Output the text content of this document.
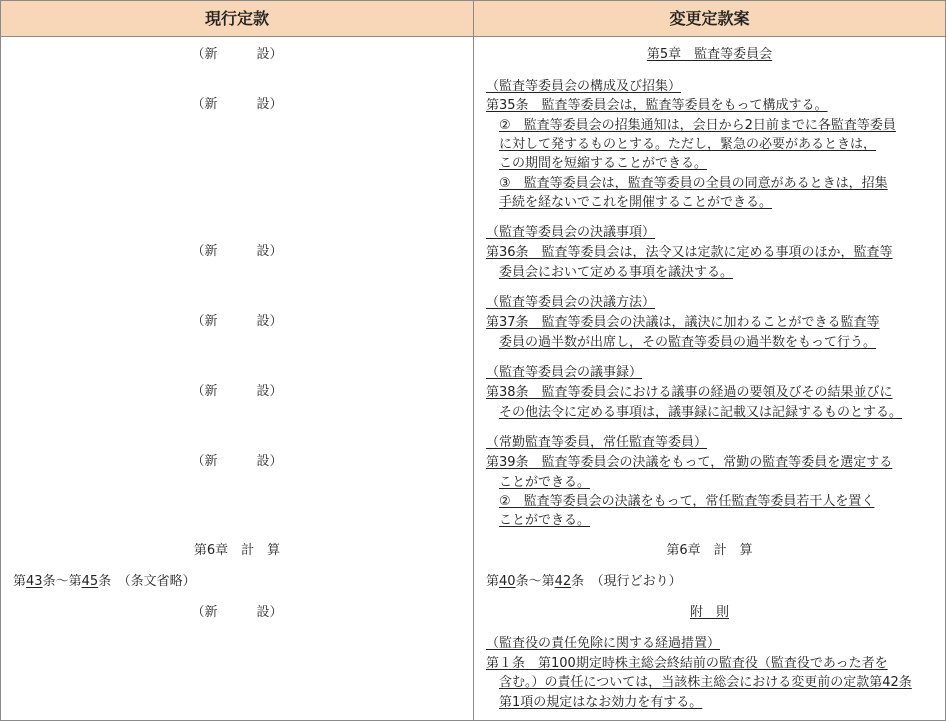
現行定款	変更定款案
（新　　　設）
（新　　　設）
（新　　　設）
（新　　　設）
（新　　　設）
（新　　　設）
第6章　計　算
第43条～第45条　（条文省略）
（新　　　設）
第5章　監査等委員会
（監査等委員会の構成及び招集）
第35条　監査等委員会は，監査等委員をもって構成する。
②　監査等委員会の招集通知は，会日から2日前までに各監査等委員
に対して発するものとする。ただし，緊急の必要があるときは，
この期間を短縮することができる。
③　監査等委員会は，監査等委員の全員の同意があるときは，招集
手続を経ないでこれを開催することができる。
（監査等委員会の決議事項）
第36条　監査等委員会は，法令又は定款に定める事項のほか，監査等
委員会において定める事項を議決する。
（監査等委員会の決議方法）
第37条　監査等委員会の決議は，議決に加わることができる監査等
委員の過半数が出席し，その監査等委員の過半数をもって行う。
（監査等委員会の議事録）
第38条　監査等委員会における議事の経過の要領及びその結果並びに
その他法令に定める事項は，議事録に記載又は記録するものとする。
（常勤監査等委員，常任監査等委員）
第39条　監査等委員会の決議をもって，常勤の監査等委員を選定する
ことができる。
②　監査等委員会の決議をもって，常任監査等委員若干人を置く
ことができる。
第6章　計　算
第40条～第42条　（現行どおり）
附　則
（監査役の責任免除に関する経過措置）
第１条　第100期定時株主総会終結前の監査役（監査役であった者を
含む。）の責任については，当該株主総会における変更前の定款第42条
第1項の規定はなお効力を有する。
